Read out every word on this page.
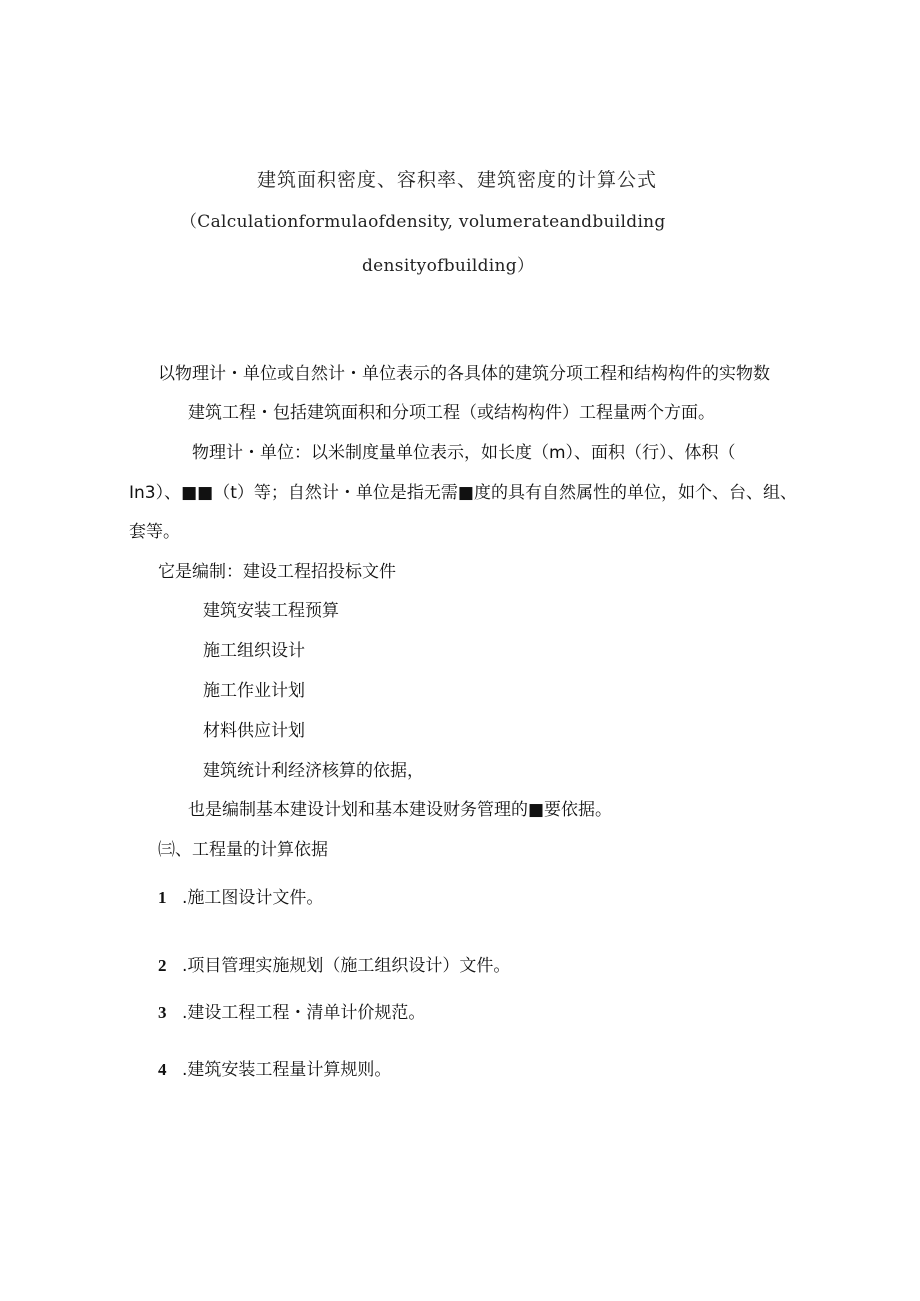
建筑面积密度、容积率、建筑密度的计算公式
（Calculationformulaofdensity, volumerateandbuilding
densityofbuilding）
以物理计・单位或自然计・单位表示的各具体的建筑分项工程和结构构件的实物数
建筑工程・包括建筑面积和分项工程（或结构构件）工程量两个方面。
物理计・单位：以米制度量单位表示，如长度（m）、面积（行）、体积（
In3）、■■（t）等；自然计・单位是指无需■度的具有自然属性的单位，如个、台、组、
套等。
它是编制：建设工程招投标文件
建筑安装工程预算
施工组织设计
施工作业计划
材料供应计划
建筑统计利经济核算的依据，
也是编制基本建设计划和基本建设财务管理的■要依据。
㈢、工程量的计算依据
1 .施工图设计文件。
2 .项目管理实施规划（施工组织设计）文件。
3 .建设工程工程・清单计价规范。
4 .建筑安装工程量计算规则。
